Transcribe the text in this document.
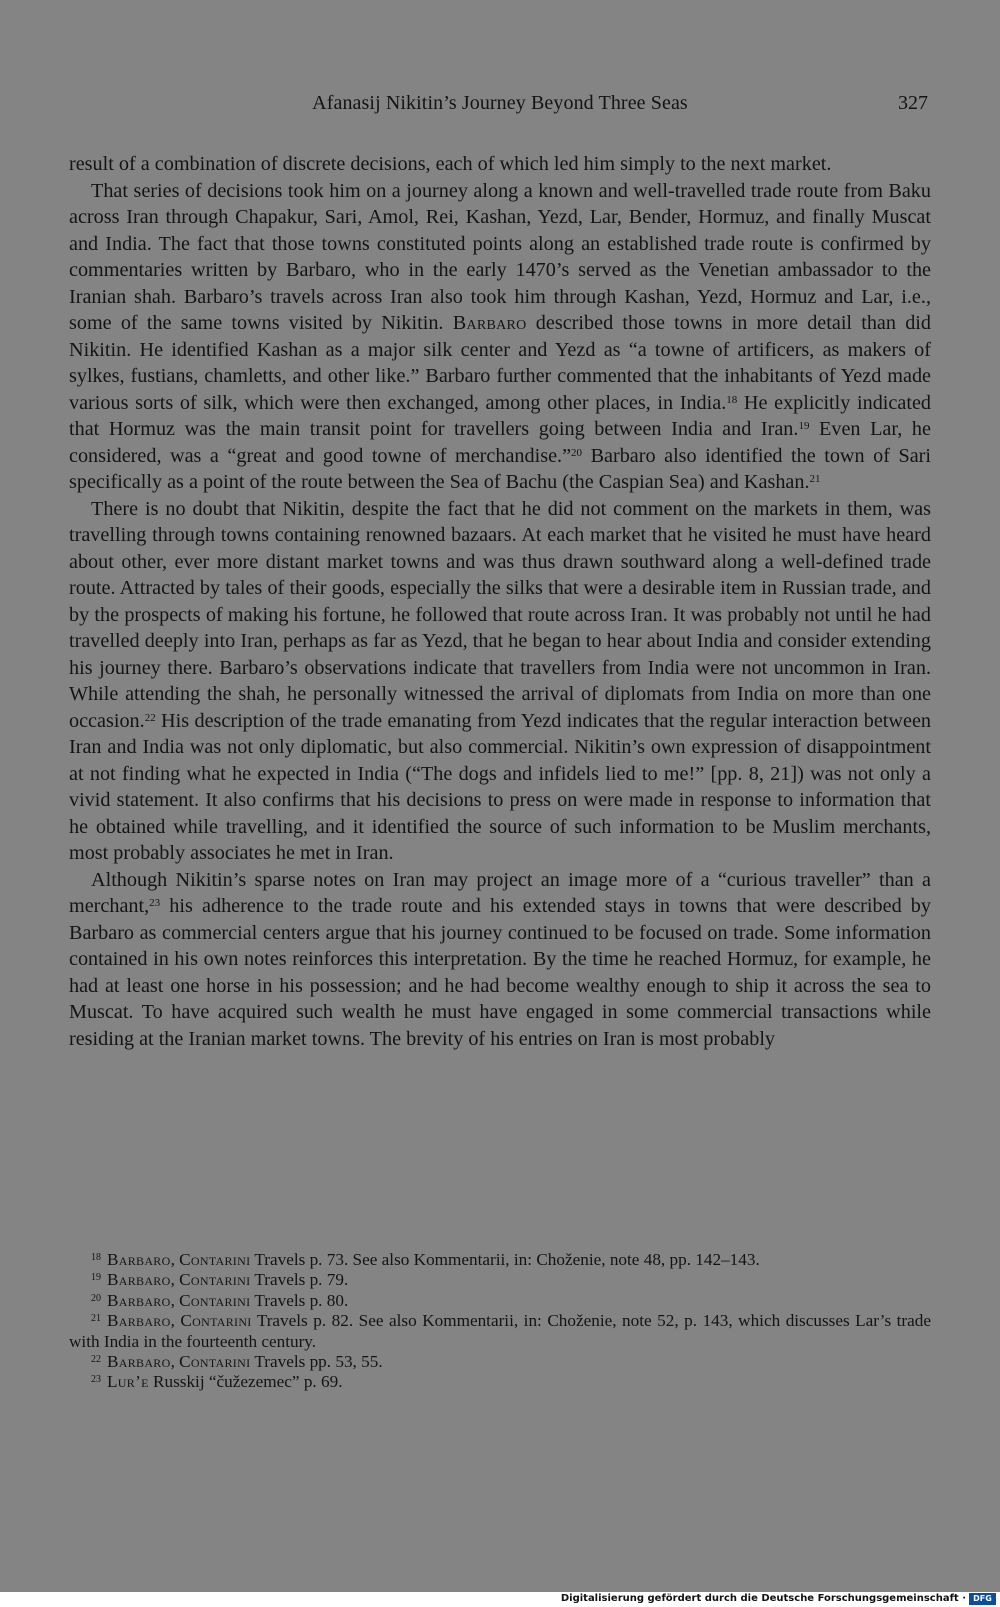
Afanasij Nikitin’s Journey Beyond Three Seas	327

result of a combination of discrete decisions, each of which led him simply to the next market.

That series of decisions took him on a journey along a known and well-travelled trade route from Baku across Iran through Chapakur, Sari, Amol, Rei, Kashan, Yezd, Lar, Bender, Hormuz, and finally Muscat and India. The fact that those towns constituted points along an established trade route is confirmed by commentaries written by Barbaro, who in the early 1470’s served as the Venetian ambassador to the Iranian shah. Barbaro’s travels across Iran also took him through Kashan, Yezd, Hormuz and Lar, i.e., some of the same towns visited by Nikitin. Barbaro described those towns in more detail than did Nikitin. He identified Kashan as a major silk center and Yezd as “a towne of artificers, as makers of sylkes, fustians, chamletts, and other like.” Barbaro further commented that the inhabitants of Yezd made various sorts of silk, which were then exchanged, among other places, in India.$^{18}$ He explicitly indicated that Hormuz was the main transit point for travellers going between India and Iran.$^{19}$ Even Lar, he considered, was a “great and good towne of merchandise.”$^{20}$ Barbaro also identified the town of Sari specifically as a point of the route between the Sea of Bachu (the Caspian Sea) and Kashan.$^{21}$

There is no doubt that Nikitin, despite the fact that he did not comment on the markets in them, was travelling through towns containing renowned bazaars. At each market that he visited he must have heard about other, ever more distant market towns and was thus drawn southward along a well-defined trade route. Attracted by tales of their goods, especially the silks that were a desirable item in Russian trade, and by the prospects of making his fortune, he followed that route across Iran. It was probably not until he had travelled deeply into Iran, perhaps as far as Yezd, that he began to hear about India and consider extending his journey there. Barbaro’s observations indicate that travellers from India were not uncommon in Iran. While attending the shah, he personally witnessed the arrival of diplomats from India on more than one occasion.$^{22}$ His description of the trade emanating from Yezd indicates that the regular interaction between Iran and India was not only diplomatic, but also commercial. Nikitin’s own expression of disappointment at not finding what he expected in India (“The dogs and infidels lied to me!” [pp. 8, 21]) was not only a vivid statement. It also confirms that his decisions to press on were made in response to information that he obtained while travelling, and it identified the source of such information to be Muslim merchants, most probably associates he met in Iran.

Although Nikitin’s sparse notes on Iran may project an image more of a “curious traveller” than a merchant,$^{23}$ his adherence to the trade route and his extended stays in towns that were described by Barbaro as commercial centers argue that his journey continued to be focused on trade. Some information contained in his own notes reinforces this interpretation. By the time he reached Hormuz, for example, he had at least one horse in his possession; and he had become wealthy enough to ship it across the sea to Muscat. To have acquired such wealth he must have engaged in some commercial transactions while residing at the Iranian market towns. The brevity of his entries on Iran is most probably

$^{18}$ Barbaro, Contarini Travels p. 73. See also Kommentarii, in: Choženie, note 48, pp. 142–143.

$^{19}$ Barbaro, Contarini Travels p. 79.

$^{20}$ Barbaro, Contarini Travels p. 80.

$^{21}$ Barbaro, Contarini Travels p. 82. See also Kommentarii, in: Choženie, note 52, p. 143, which discusses Lar’s trade with India in the fourteenth century.

$^{22}$ Barbaro, Contarini Travels pp. 53, 55.

$^{23}$ Lur’e Russkij “čužezemec” p. 69.

Digitalisierung gefördert durch die Deutsche Forschungsgemeinschaft · DFG
